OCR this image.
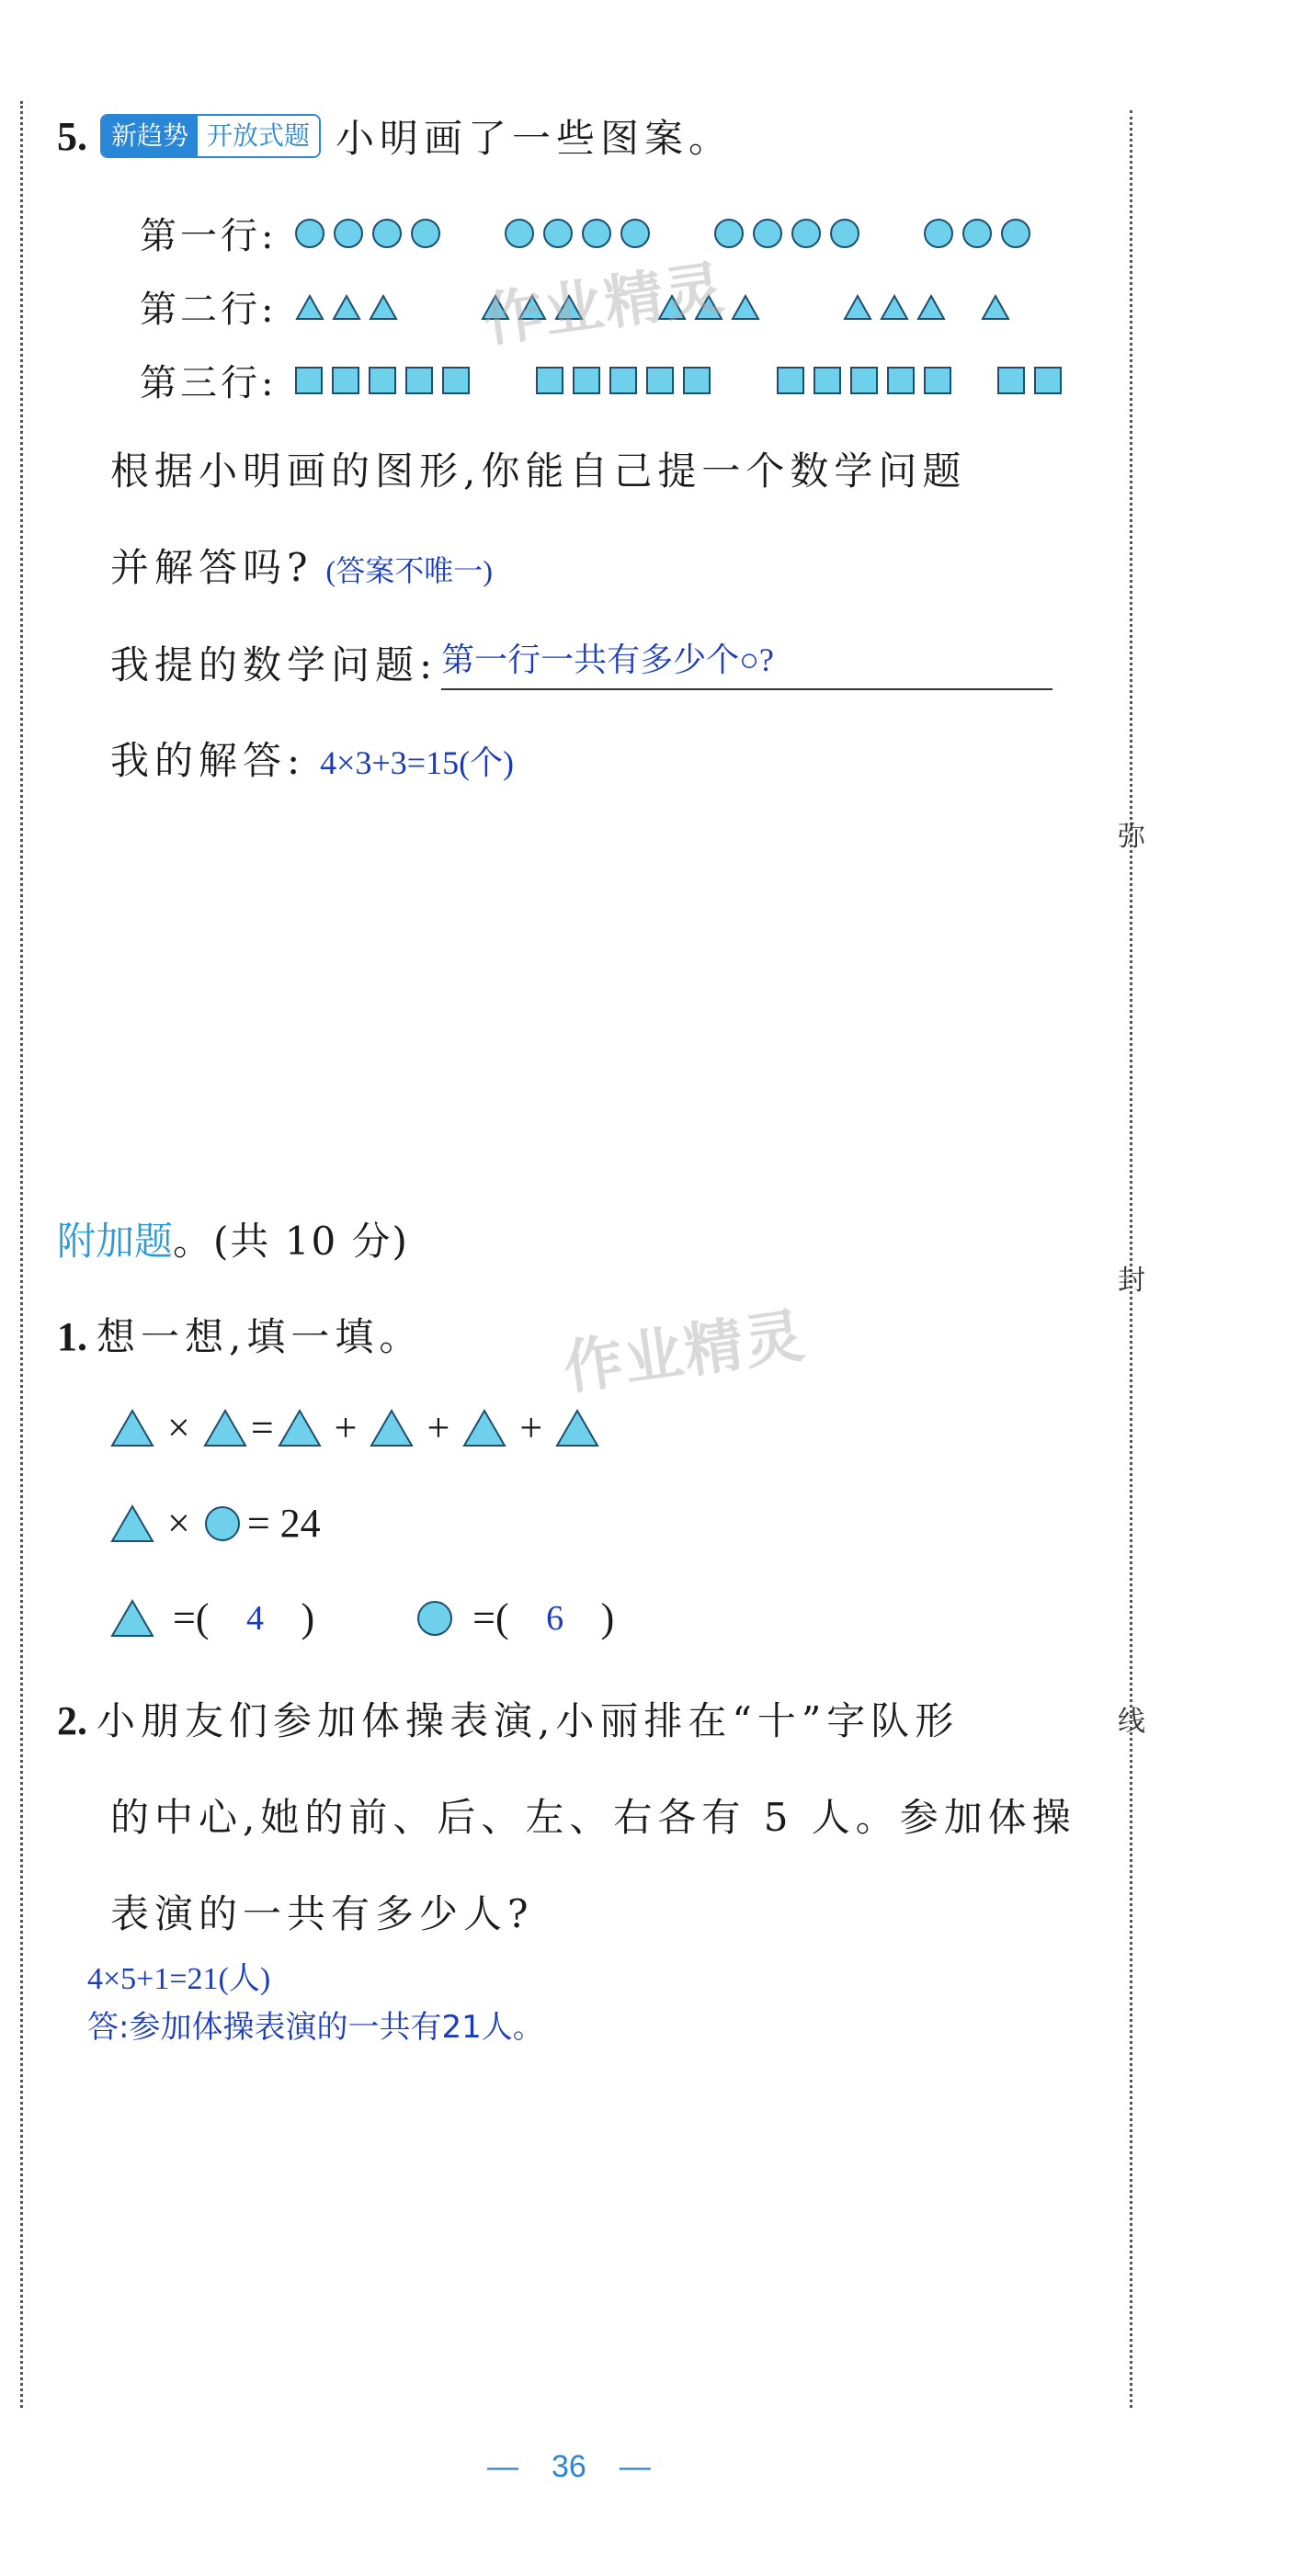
弥
封
线
5. 新趋势 开放式题 小明画了一些图案。
第一行:
第二行:
第三行:
作业精灵
根据小明画的图形,你能自己提一个数学问题
并解答吗? (答案不唯一)
我提的数学问题: 第一行一共有多少个○?
我的解答: 4×3+3=15(个)
附加题 。(共 10 分)
1. 想一想,填一填。 作业精灵
× = + + +
× = 24
=(	4 )	=(	6 )
2. 小朋友们参加体操表演,小丽排在“十”字队形
的中心,她的前、后、左、右各有 5 人。参加体操
表演的一共有多少人?
4×5+1=21(人)
答:参加体操表演的一共有21人。
— 36 —
